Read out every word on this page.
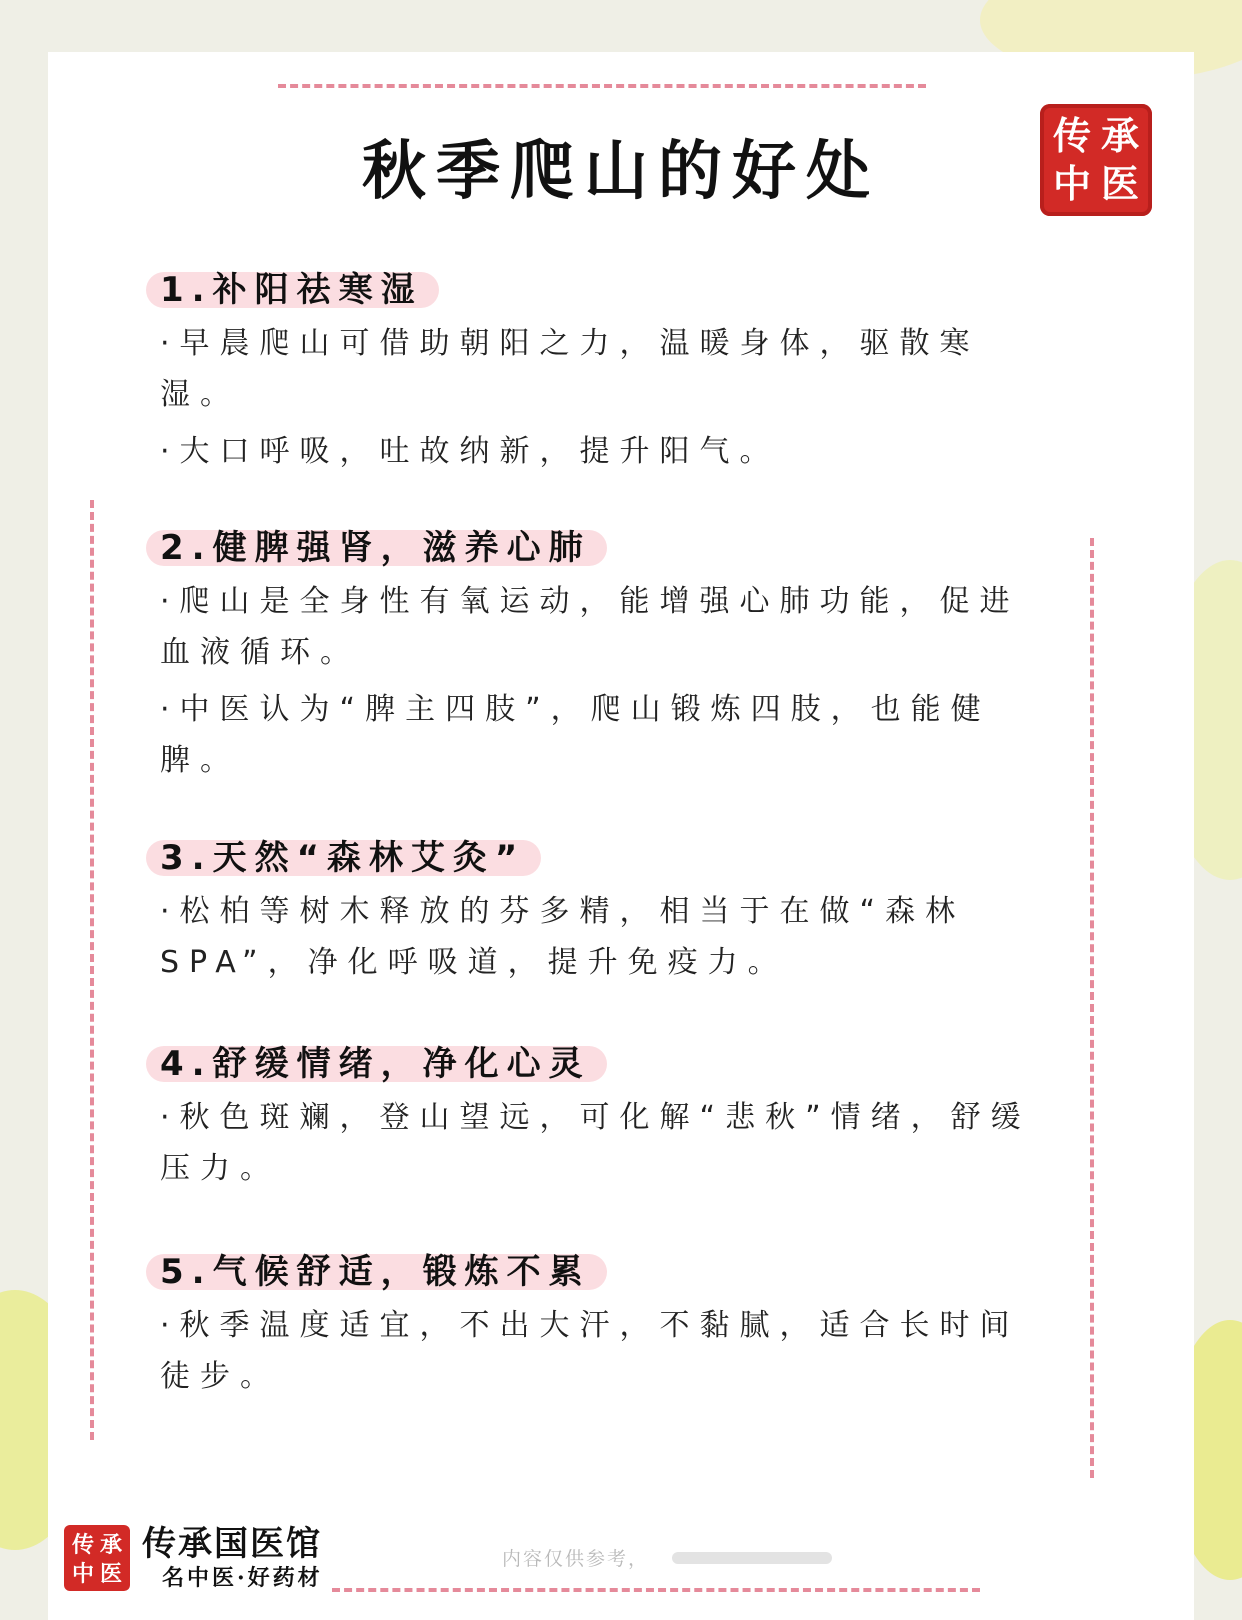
秋季爬山的好处	传 承
中 医
1.补阳祛寒湿

·早晨爬山可借助朝阳之力，温暖身体，驱散寒湿。

·大口呼吸，吐故纳新，提升阳气。

2.健脾强肾，滋养心肺

·爬山是全身性有氧运动，能增强心肺功能，促进血液循环。

·中医认为“脾主四肢”，爬山锻炼四肢，也能健脾。

3.天然“森林艾灸”

·松柏等树木释放的芬多精，相当于在做“森林SPA”，净化呼吸道，提升免疫力。

4.舒缓情绪，净化心灵

·秋色斑斓，登山望远，可化解“悲秋”情绪，舒缓压力。

5.气候舒适，锻炼不累

·秋季温度适宜，不出大汗，不黏腻，适合长时间徒步。

传 承
中 医
传承国医馆
名中医·好药材
内容仅供参考，
